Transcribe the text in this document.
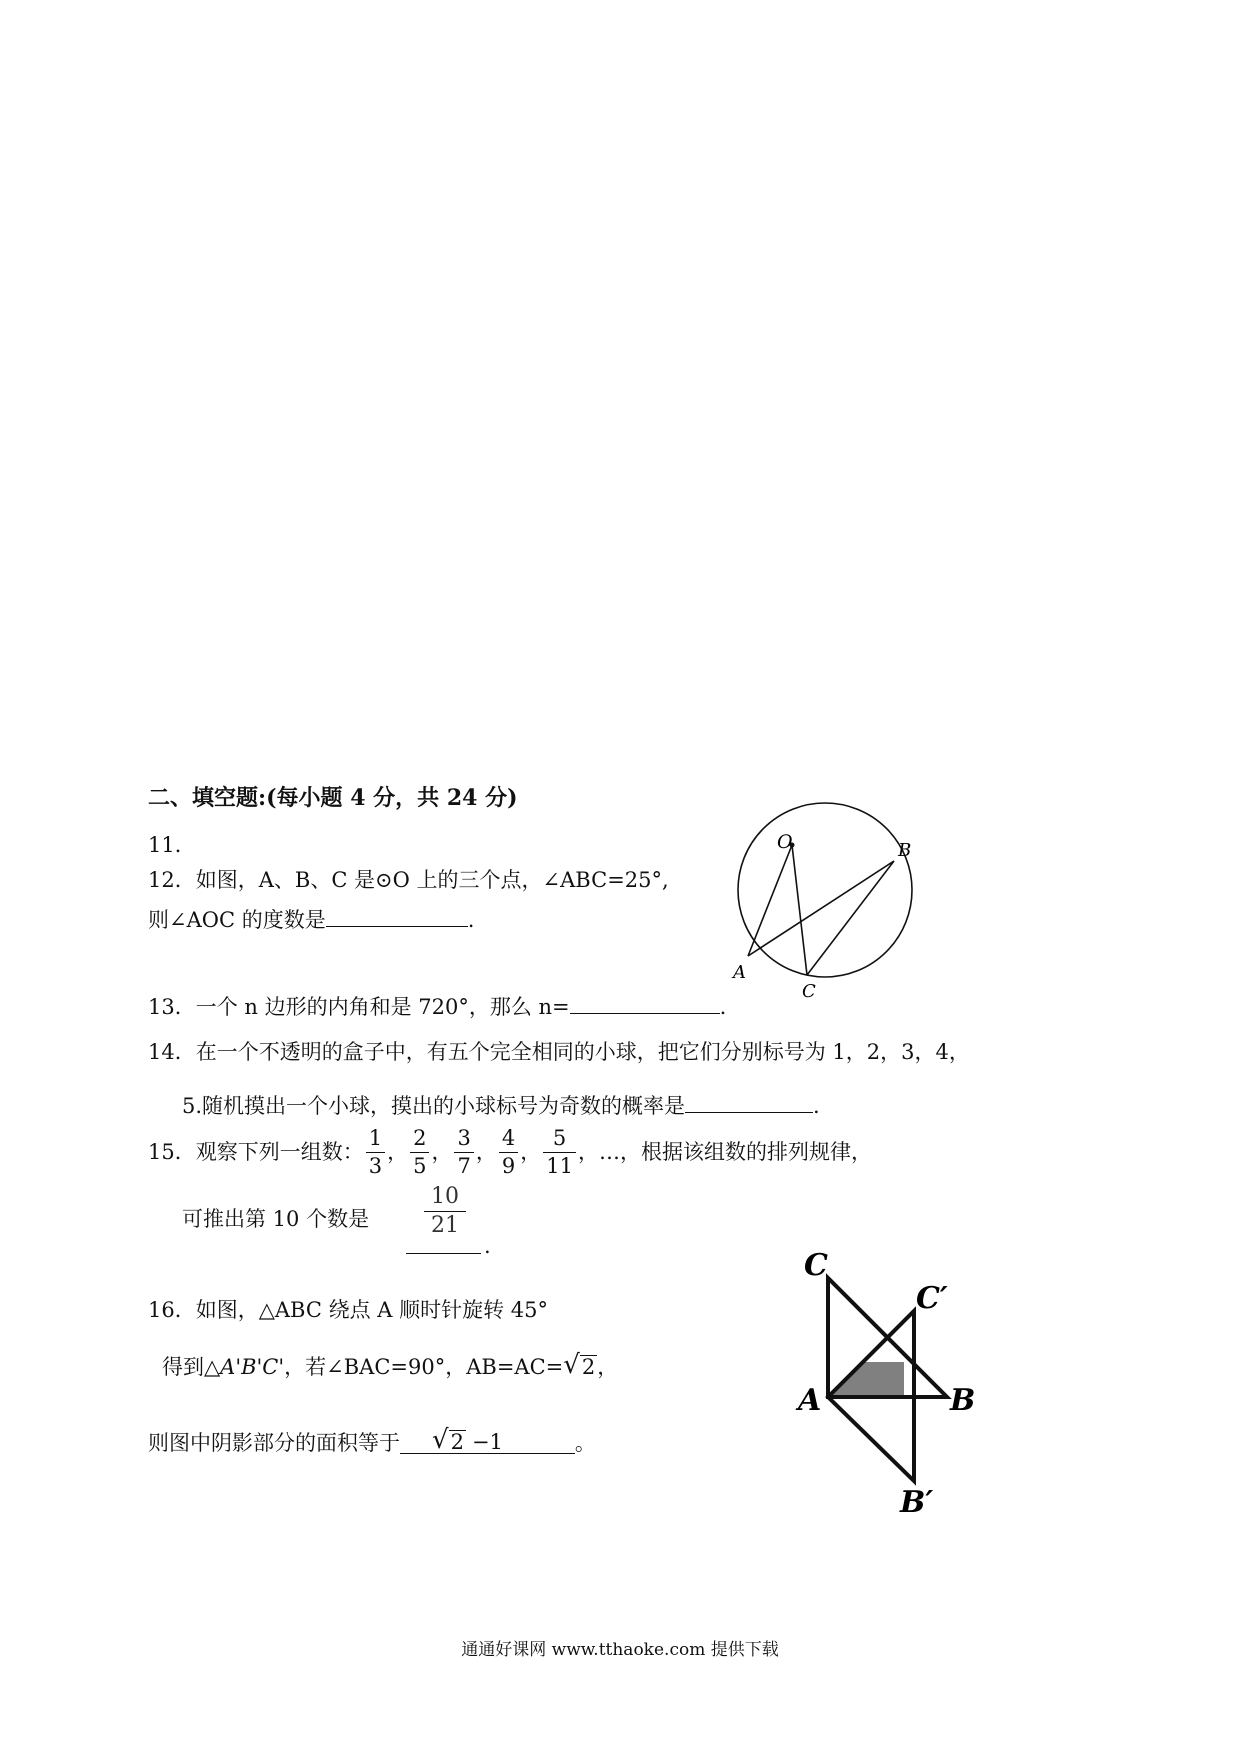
二、填空题:(每小题 4 分，共 24 分)
11．
12．如图，A、B、C 是⊙O 上的三个点，∠ABC=25°,
则∠AOC 的度数是	.
O	B
A
C
13．一个 n 边形的内角和是 720°，那么 n=	.
14．在一个不透明的盒子中，有五个完全相同的小球，把它们分别标号为 1，2，3，4，
5.随机摸出一个小球，摸出的小球标号为奇数的概率是	.
15．观察下列一组数： $\frac{1}{3}$ ， $\frac{2}{5}$ ， $\frac{3}{7}$ ， $\frac{4}{9}$ ， $\frac{5}{11}$ ，…，根据该组数的排列规律，
可推出第 10 个数是 $\frac{10}{21}$
.
16．如图，△ABC 绕点 A 顺时针旋转 45°
得到△ A'B'C' ，若∠BAC=90°，AB=AC= √ 2 ，
则图中阴影部分的面积等于 √ 2 −1	。
C
C′
A	B
B′
通通好课网 www.tthaoke.com 提供下载
